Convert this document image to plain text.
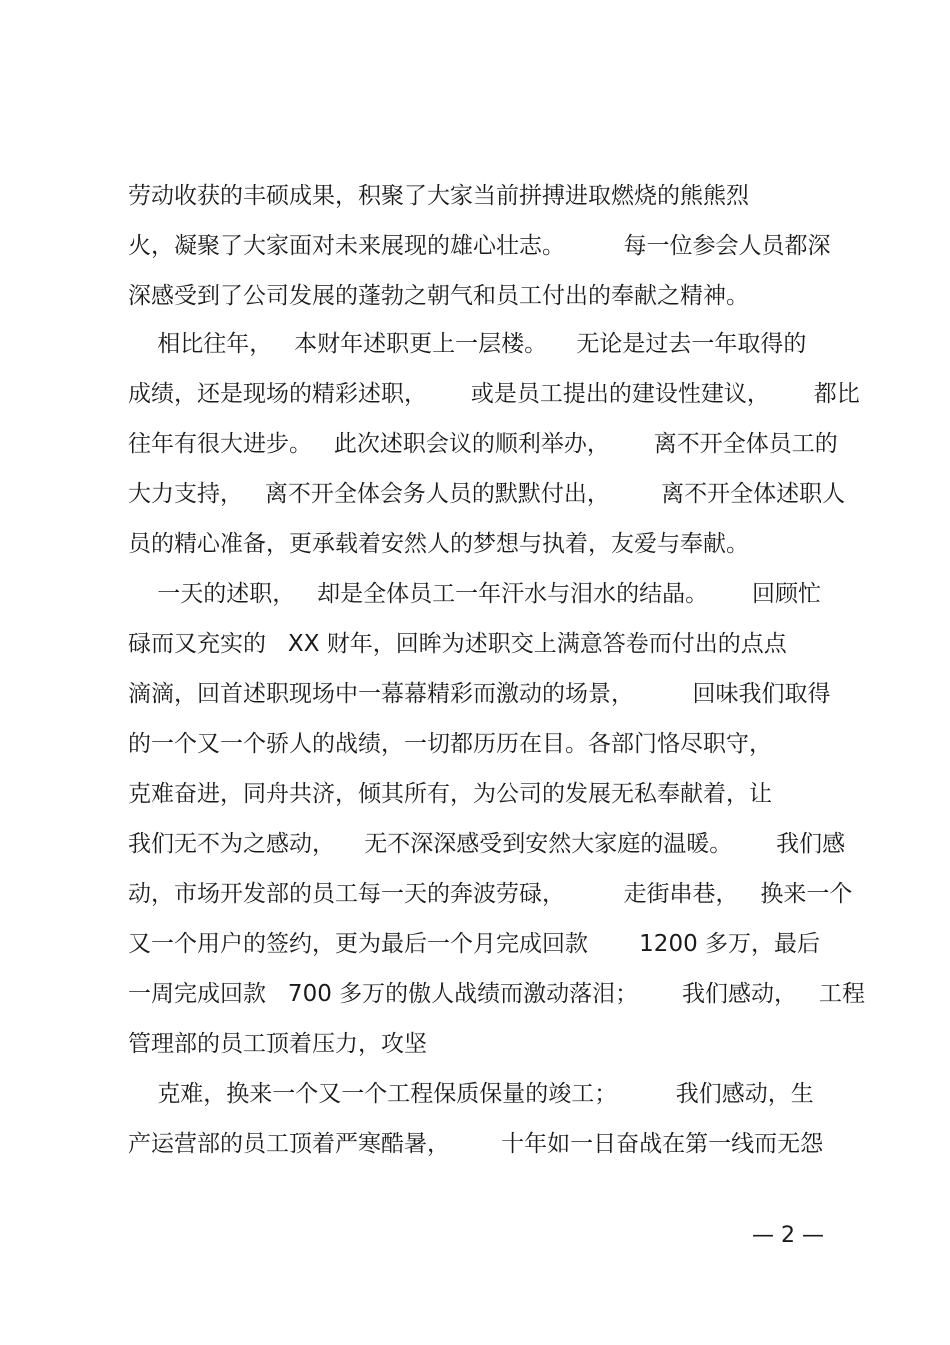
劳动收获的丰硕成果，积聚了大家当前拼搏进取燃烧的熊熊烈
火，凝聚了大家面对未来展现的雄心壮志。        每一位参会人员都深
深感受到了公司发展的蓬勃之朝气和员工付出的奉献之精神。
相比往年，   本财年述职更上一层楼。    无论是过去一年取得的
成绩，还是现场的精彩述职，      或是员工提出的建设性建议，      都比
往年有很大进步。   此次述职会议的顺利举办，      离不开全体员工的
大力支持，   离不开全体会务人员的默默付出，       离不开全体述职人
员的精心准备，更承载着安然人的梦想与执着，友爱与奉献。
一天的述职，   却是全体员工一年汗水与泪水的结晶。      回顾忙
碌而又充实的   XX 财年，回眸为述职交上满意答卷而付出的点点
滴滴，回首述职现场中一幕幕精彩而激动的场景，        回味我们取得
的一个又一个骄人的战绩，一切都历历在目。各部门恪尽职守，
克难奋进，同舟共济，倾其所有，为公司的发展无私奉献着，让
我们无不为之感动，    无不深深感受到安然大家庭的温暖。      我们感
动，市场开发部的员工每一天的奔波劳碌，        走街串巷，   换来一个
又一个用户的签约，更为最后一个月完成回款       1200 多万，最后
一周完成回款   700 多万的傲人战绩而激动落泪；      我们感动，   工程
管理部的员工顶着压力，攻坚
克难，换来一个又一个工程保质保量的竣工；        我们感动，生
产运营部的员工顶着严寒酷暑，       十年如一日奋战在第一线而无怨
— 2 —
